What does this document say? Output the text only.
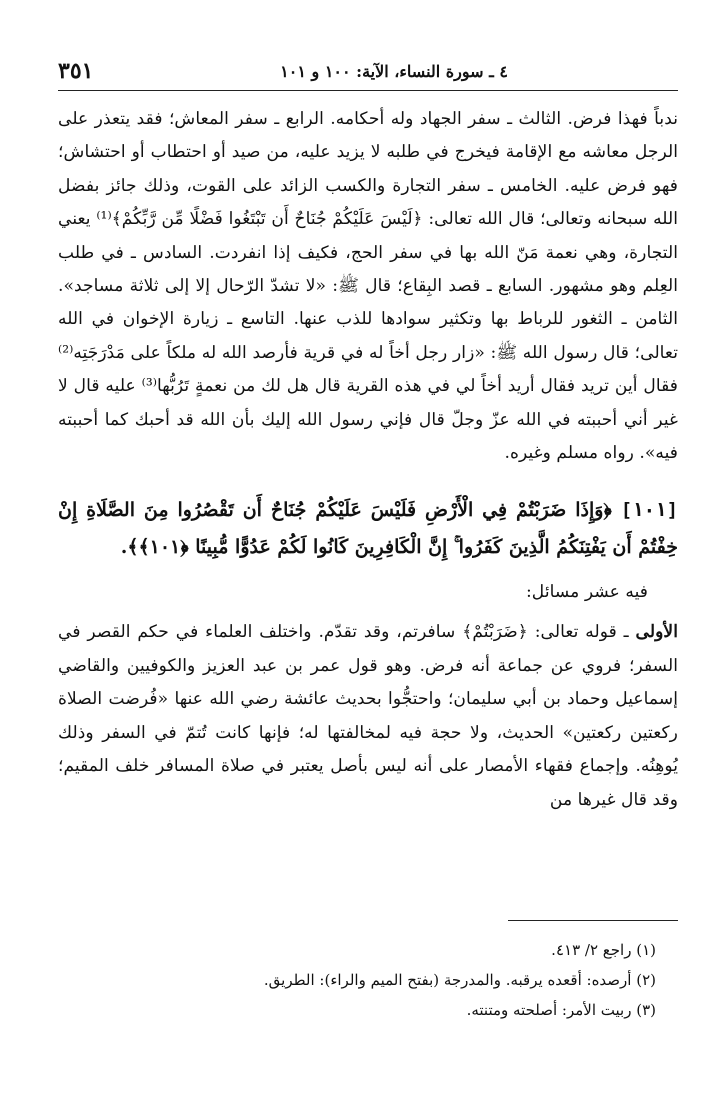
٤ ـ سورة النساء، الآية: ١٠٠ و ١٠١
٣٥١

ندباً فهذا فرض. الثالث ـ سفر الجهاد وله أحكامه. الرابع ـ سفر المعاش؛ فقد يتعذر على الرجل معاشه مع الإقامة فيخرج في طلبه لا يزيد عليه، من صيد أو احتطاب أو احتشاش؛ فهو فرض عليه. الخامس ـ سفر التجارة والكسب الزائد على القوت، وذلك جائز بفضل الله سبحانه وتعالى؛ قال الله تعالى: ﴿لَيْسَ عَلَيْكُمْ جُنَاحٌ أَن تَبْتَغُوا فَضْلًا مِّن رَّبِّكُمْ﴾⁽¹⁾ يعني التجارة، وهي نعمة مَنّ الله بها في سفر الحج، فكيف إذا انفردت. السادس ـ في طلب العِلم وهو مشهور. السابع ـ قصد البِقاع؛ قال ﷺ: «لا تشدّ الرّحال إلا إلى ثلاثة مساجد». الثامن ـ الثغور للرباط بها وتكثير سوادها للذب عنها. التاسع ـ زيارة الإخوان في الله تعالى؛ قال رسول الله ﷺ: «زار رجل أخاً له في قرية فأرصد الله له ملكاً على مَدْرَجَتِه⁽²⁾ فقال أين تريد فقال أريد أخاً لي في هذه القرية قال هل لك من نعمةٍ تَرُبُّها⁽³⁾ عليه قال لا غير أني أحببته في الله عزّ وجلّ قال فإني رسول الله إليك بأن الله قد أحبك كما أحببته فيه». رواه مسلم وغيره.

[١٠١] ﴿وَإِذَا ضَرَبْتُمْ فِي الْأَرْضِ فَلَيْسَ عَلَيْكُمْ جُنَاحٌ أَن تَقْصُرُوا مِنَ الصَّلَاةِ إِنْ خِفْتُمْ أَن يَفْتِنَكُمُ الَّذِينَ كَفَرُوا ۚ إِنَّ الْكَافِرِينَ كَانُوا لَكُمْ عَدُوًّا مُّبِينًا ﴿١٠١﴾﴾.
فيه عشر مسائل:

الأولى ـ قوله تعالى: ﴿ضَرَبْتُمْ﴾ سافرتم، وقد تقدّم. واختلف العلماء في حكم القصر في السفر؛ فروي عن جماعة أنه فرض. وهو قول عمر بن عبد العزيز والكوفيين والقاضي إسماعيل وحماد بن أبي سليمان؛ واحتجُّوا بحديث عائشة رضي الله عنها «فُرضت الصلاة ركعتين ركعتين» الحديث، ولا حجة فيه لمخالفتها له؛ فإنها كانت تُتمّ في السفر وذلك يُوهِنُه. وإجماع فقهاء الأمصار على أنه ليس بأصل يعتبر في صلاة المسافر خلف المقيم؛ وقد قال غيرها من

(١) راجع ٢/ ٤١٣.
(٢) أرصده: أقعده يرقبه. والمدرجة (بفتح الميم والراء): الطريق.
(٣) ربيت الأمر: أصلحته ومتنته.
